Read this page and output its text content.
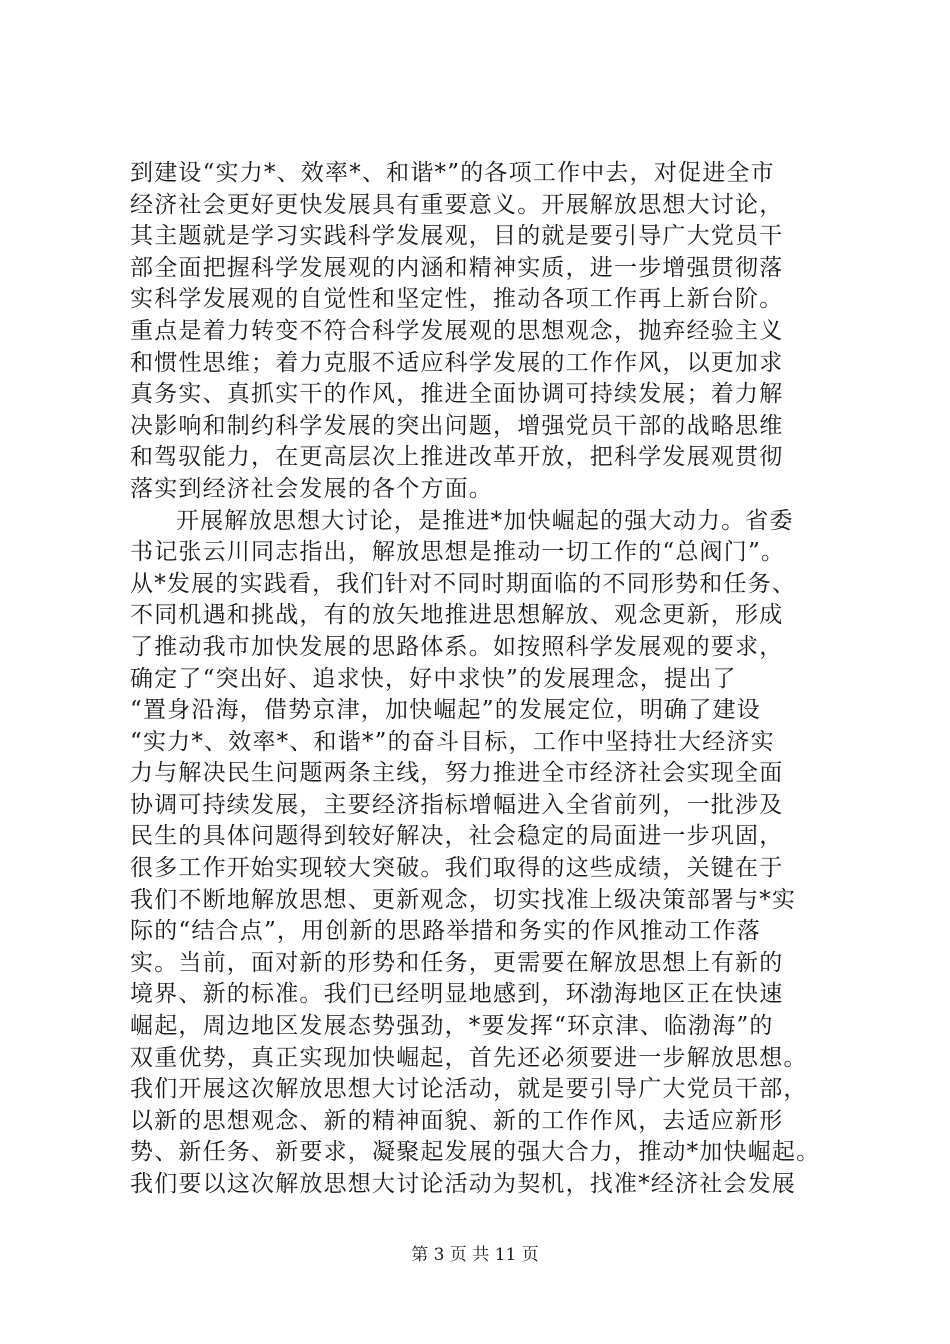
到建设“实力*、效率*、和谐*”的各项工作中去，对促进全市
经济社会更好更快发展具有重要意义。开展解放思想大讨论，
其主题就是学习实践科学发展观，目的就是要引导广大党员干
部全面把握科学发展观的内涵和精神实质，进一步增强贯彻落
实科学发展观的自觉性和坚定性，推动各项工作再上新台阶。
重点是着力转变不符合科学发展观的思想观念，抛弃经验主义
和惯性思维；着力克服不适应科学发展的工作作风，以更加求
真务实、真抓实干的作风，推进全面协调可持续发展；着力解
决影响和制约科学发展的突出问题，增强党员干部的战略思维
和驾驭能力，在更高层次上推进改革开放，把科学发展观贯彻
落实到经济社会发展的各个方面。
开展解放思想大讨论，是推进*加快崛起的强大动力。省委
书记张云川同志指出，解放思想是推动一切工作的“总阀门”。
从*发展的实践看，我们针对不同时期面临的不同形势和任务、
不同机遇和挑战，有的放矢地推进思想解放、观念更新，形成
了推动我市加快发展的思路体系。如按照科学发展观的要求，
确定了“突出好、追求快，好中求快”的发展理念，提出了
“置身沿海，借势京津，加快崛起”的发展定位，明确了建设
“实力*、效率*、和谐*”的奋斗目标，工作中坚持壮大经济实
力与解决民生问题两条主线，努力推进全市经济社会实现全面
协调可持续发展，主要经济指标增幅进入全省前列，一批涉及
民生的具体问题得到较好解决，社会稳定的局面进一步巩固，
很多工作开始实现较大突破。我们取得的这些成绩，关键在于
我们不断地解放思想、更新观念，切实找准上级决策部署与*实
际的“结合点”，用创新的思路举措和务实的作风推动工作落
实。当前，面对新的形势和任务，更需要在解放思想上有新的
境界、新的标准。我们已经明显地感到，环渤海地区正在快速
崛起，周边地区发展态势强劲，*要发挥“环京津、临渤海”的
双重优势，真正实现加快崛起，首先还必须要进一步解放思想。
我们开展这次解放思想大讨论活动，就是要引导广大党员干部，
以新的思想观念、新的精神面貌、新的工作作风，去适应新形
势、新任务、新要求，凝聚起发展的强大合力，推动*加快崛起。
我们要以这次解放思想大讨论活动为契机，找准*经济社会发展
第 3 页 共 11 页
